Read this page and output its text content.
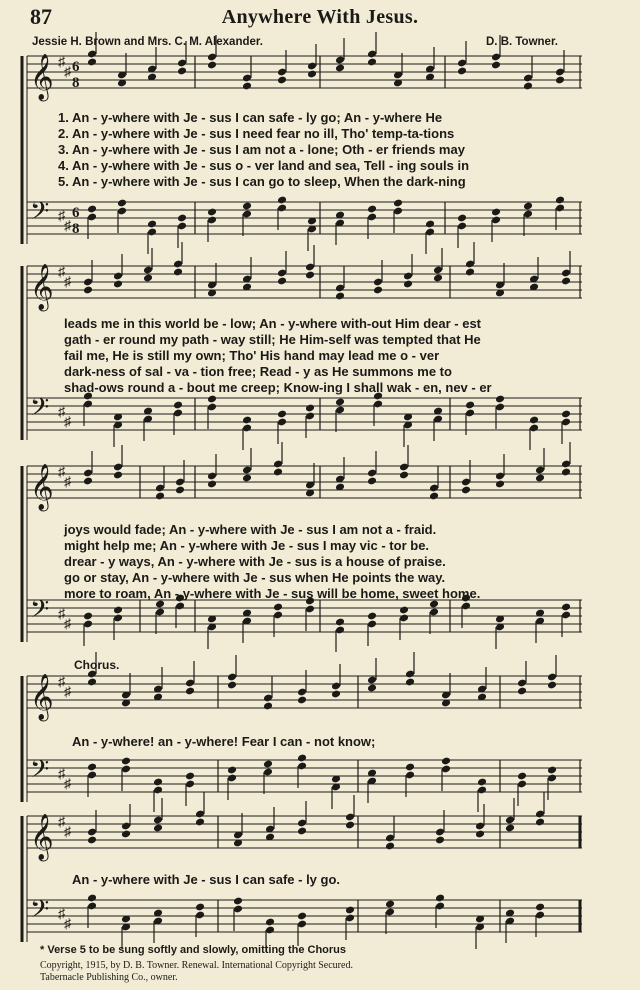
87	Anywhere With Jesus.
Jessie H. Brown and Mrs. C. M. Alexander.	D. B. Towner.
𝄞 ♯
♯ 6
8
𝄢 ♯
♯
6
8
𝄞 ♯
♯
𝄢 ♯
♯
𝄞 ♯
♯
𝄢 ♯
♯
𝄞 ♯
♯
𝄢 ♯
♯
𝄞 ♯
♯
𝄢 ♯
♯
1. An - y-where with Je - sus I can safe - ly go; An - y-where He
2. An - y-where with Je - sus I need fear no ill, Tho' temp-ta-tions
3. An - y-where with Je - sus I am not a - lone; Oth - er friends may
4. An - y-where with Je - sus o - ver land and sea, Tell - ing souls in
5. An - y-where with Je - sus I can go to sleep, When the dark-ning
leads me in this world be - low; An - y-where with-out Him dear - est
gath - er round my path - way still; He Him-self was tempted that He
fail me, He is still my own; Tho' His hand may lead me o - ver
dark-ness of sal - va - tion free; Read - y as He summons me to
shad-ows round a - bout me creep; Know-ing I shall wak - en, nev - er
joys would fade; An - y-where with Je - sus I am not a - fraid.
might help me; An - y-where with Je - sus I may vic - tor be.
drear - y ways, An - y-where with Je - sus is a house of praise.
go or stay, An - y-where with Je - sus when He points the way.
more to roam, An - y-where with Je - sus will be home, sweet home.
Chorus.
An - y-where! an - y-where! Fear I can - not know;
An - y-where with Je - sus I can safe - ly go.
* Verse 5 to be sung softly and slowly, omitting the Chorus
Copyright, 1915, by D. B. Towner. Renewal. International Copyright Secured.
Tabernacle Publishing Co., owner.
